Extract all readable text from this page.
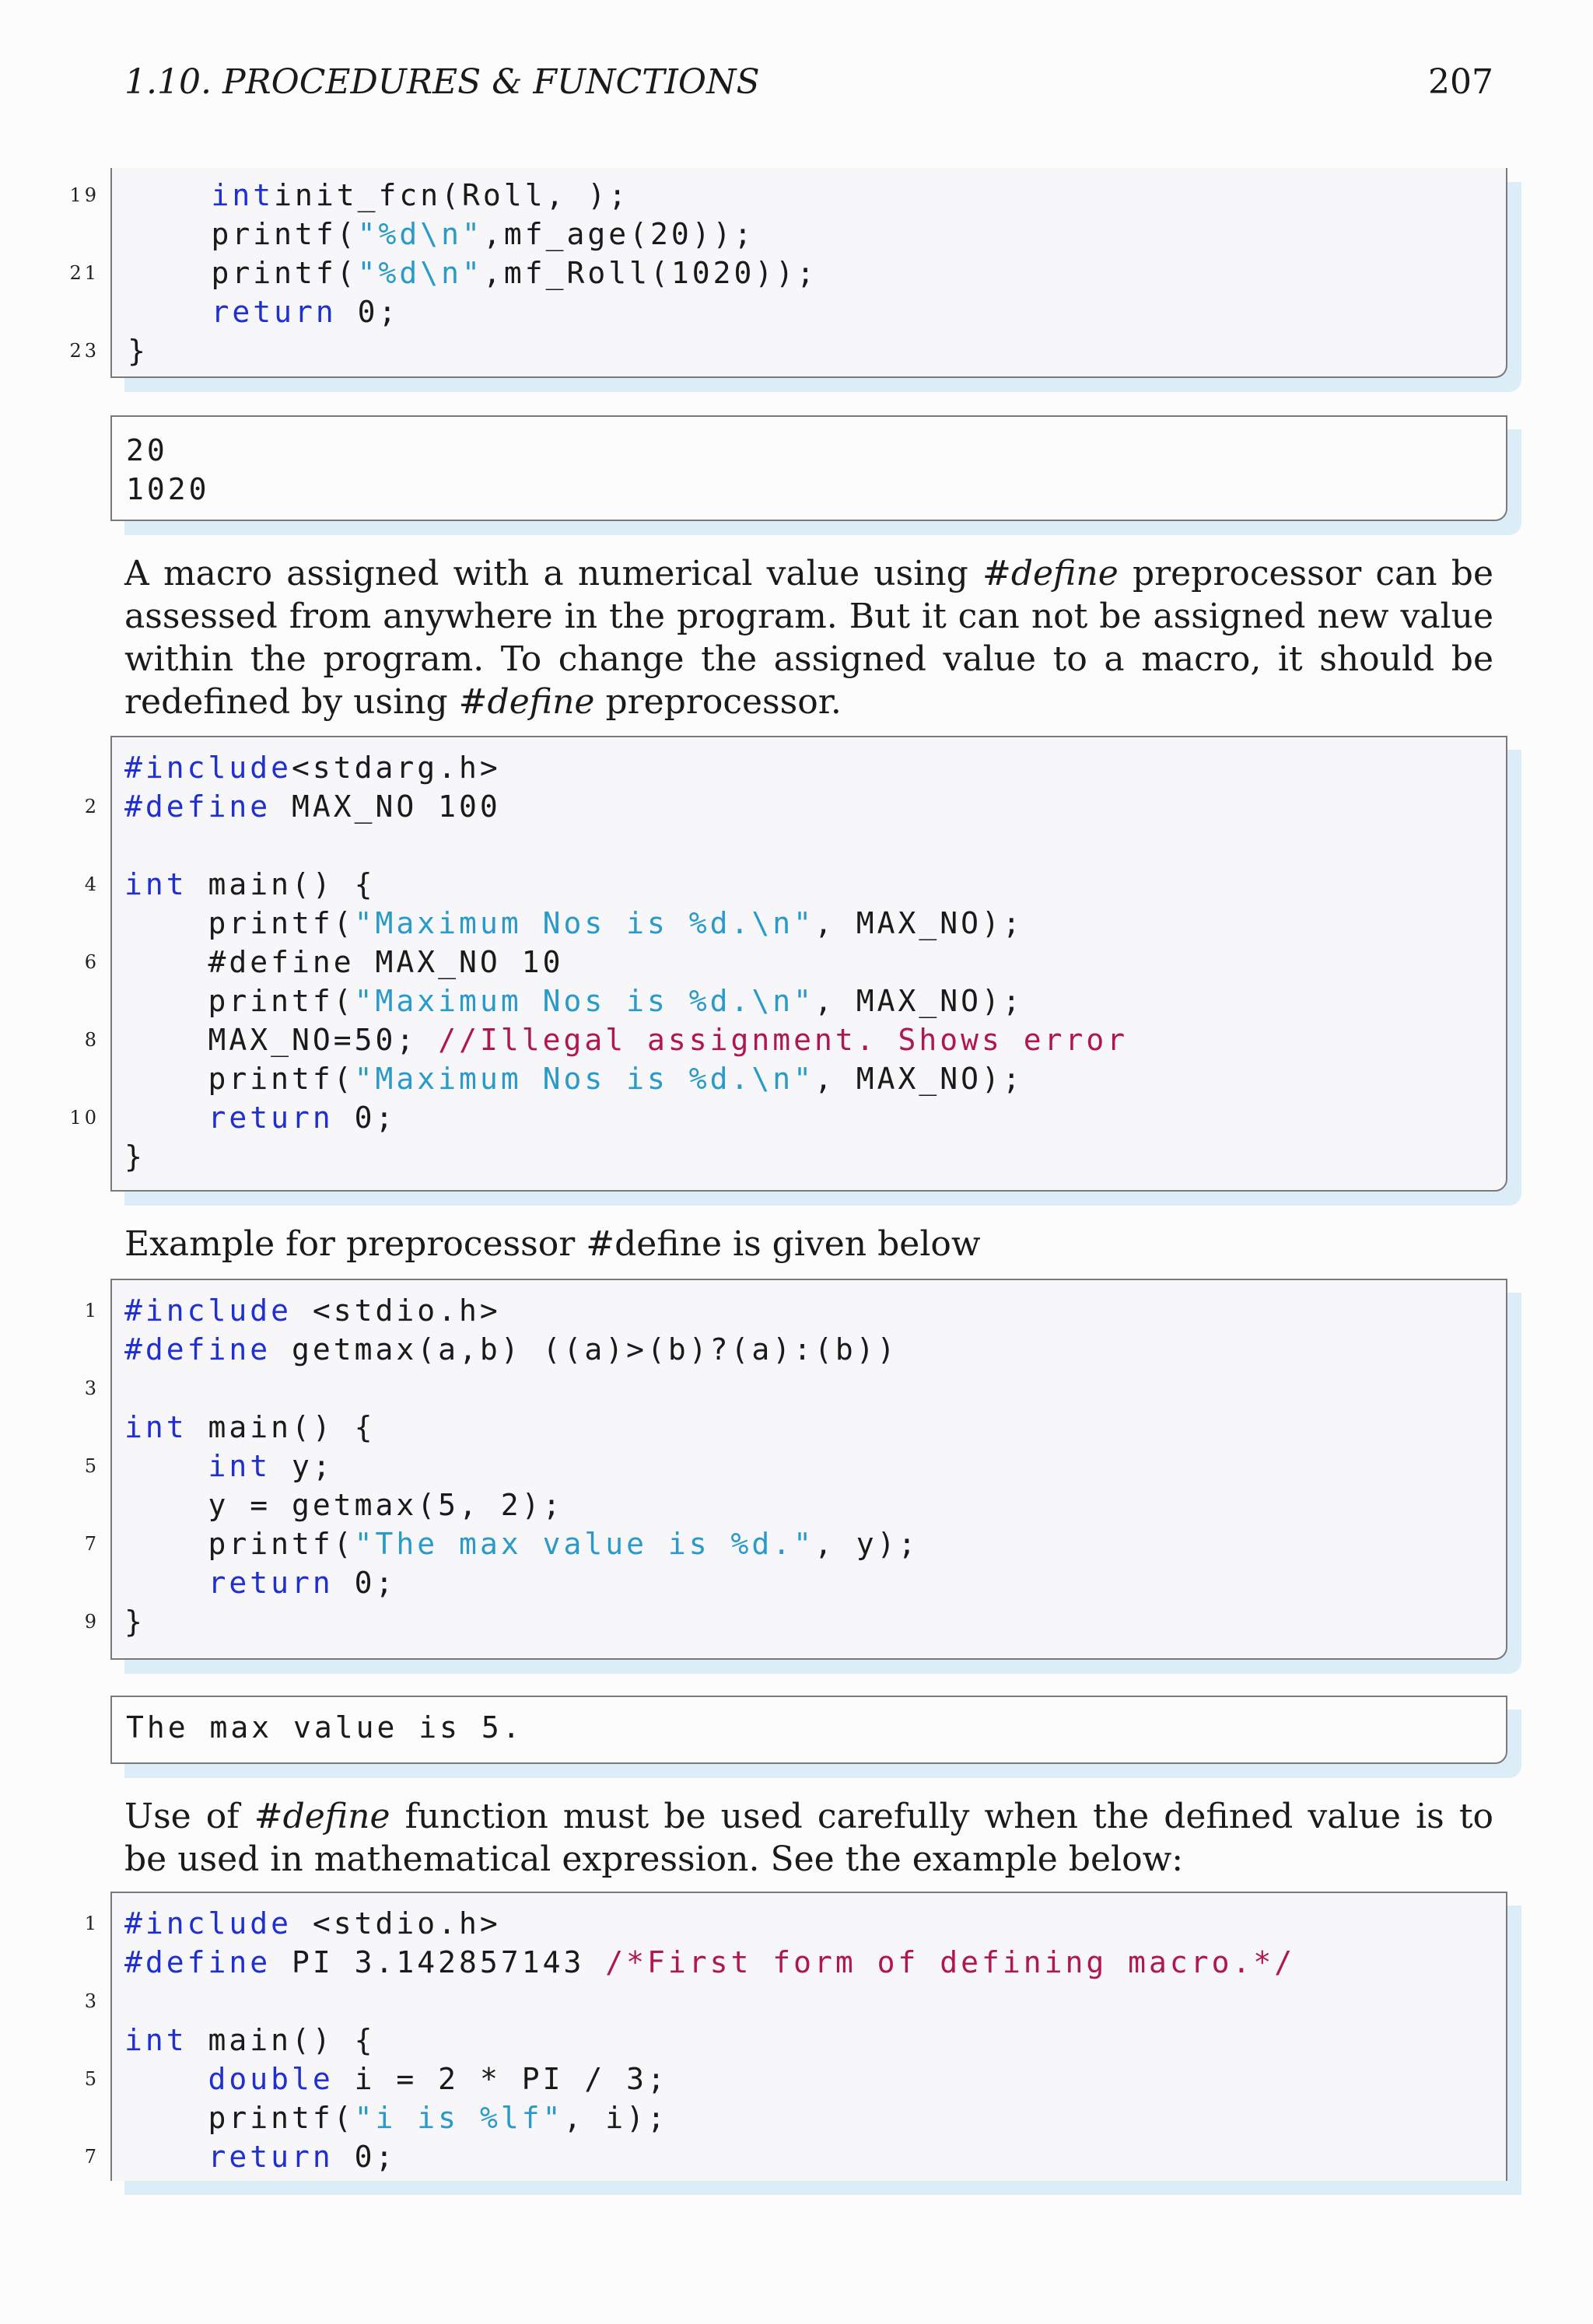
1.10. PROCEDURES & FUNCTIONS	207
19	intinit_fcn(Roll, );
printf("%d\n",mf_age(20));
21	printf("%d\n",mf_Roll(1020));
return 0;
23 }
20
1020
A macro assigned with a numerical value using #define preprocessor can be assessed from anywhere in the program. But it can not be assigned new value within the program. To change the assigned value to a macro, it should be redefined by using #define preprocessor.
#include<stdarg.h>
2 #define MAX_NO 100
4 int main() {
printf("Maximum Nos is %d.\n", MAX_NO);
6	#define MAX_NO 10
printf("Maximum Nos is %d.\n", MAX_NO);
8	MAX_NO=50; //Illegal assignment. Shows error
printf("Maximum Nos is %d.\n", MAX_NO);
10	return 0;
}
Example for preprocessor #define is given below
1 #include <stdio.h>
#define getmax(a,b) ((a)>(b)?(a):(b))
3
int main() {
5	int y;
y = getmax(5, 2);
7	printf("The max value is %d.", y);
return 0;
9 }
The max value is 5.
Use of #define function must be used carefully when the defined value is to be used in mathematical expression. See the example below:
1 #include <stdio.h>
#define PI 3.142857143 /*First form of defining macro.*/
3
int main() {
5	double i = 2 * PI / 3;
printf("i is %lf", i);
7	return 0;
